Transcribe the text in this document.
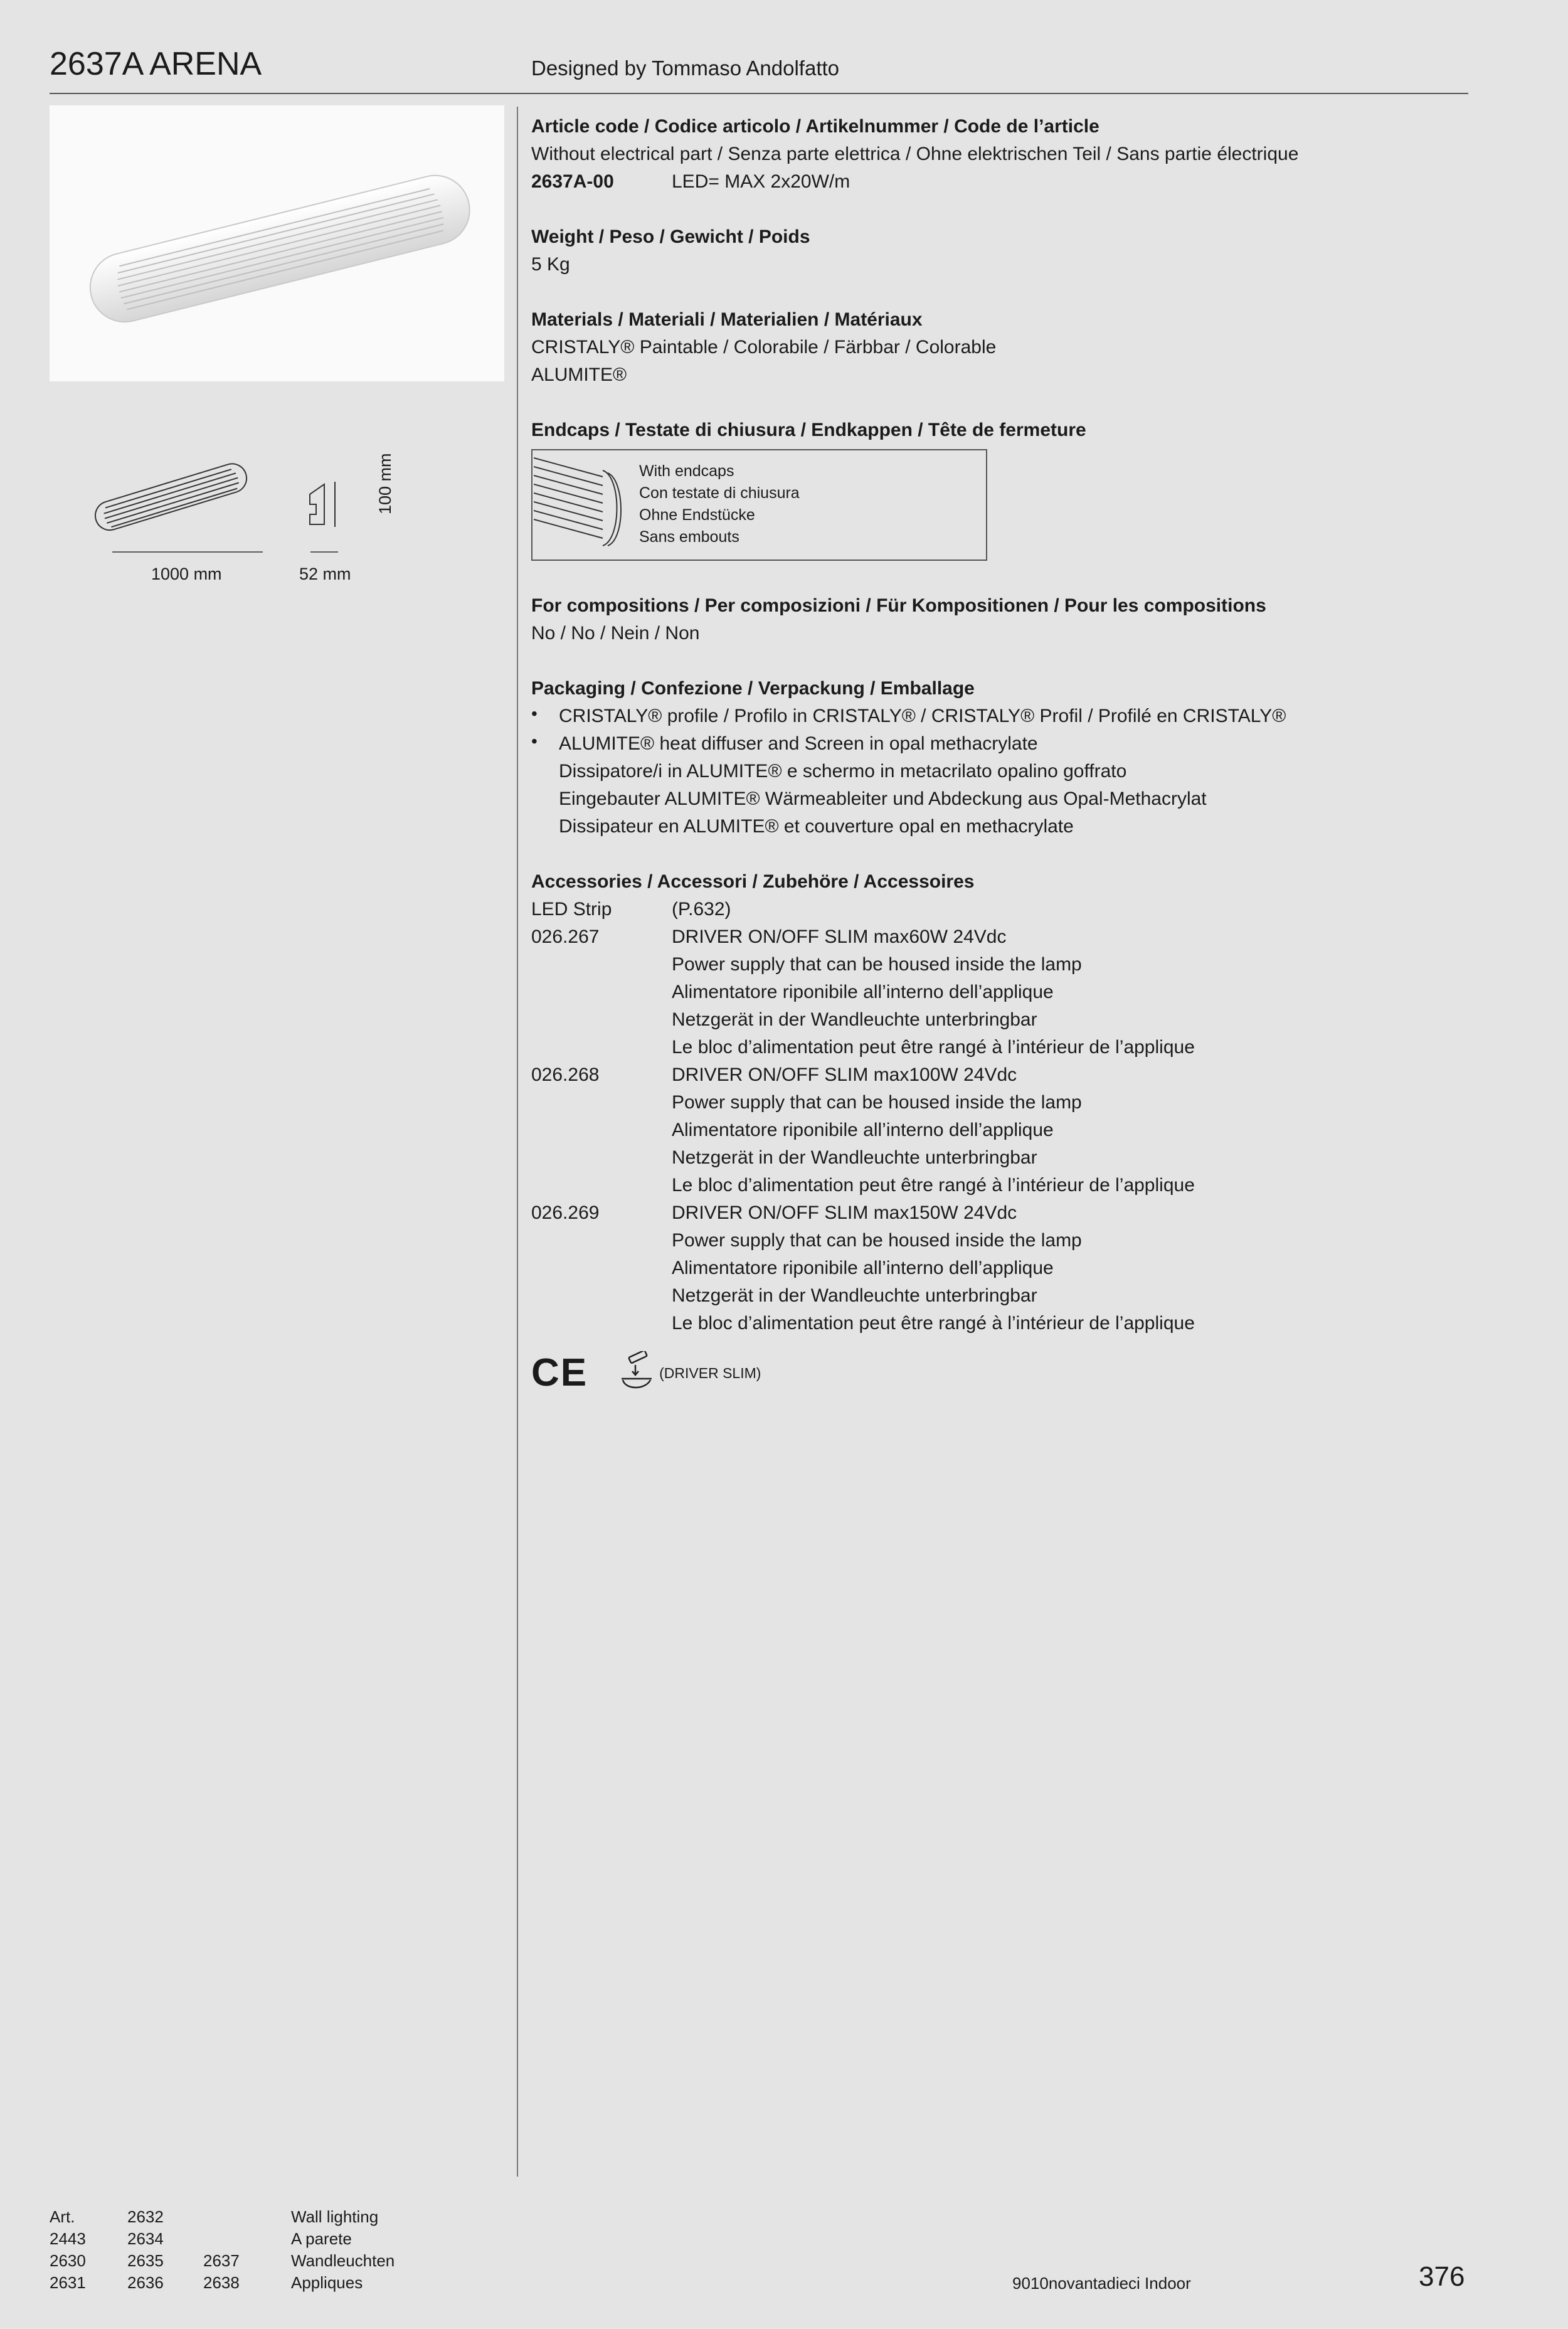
2637A ARENA	Designed by Tommaso Andolfatto
1000 mm	52 mm
100 mm
Article code / Codice articolo / Artikelnummer / Code de l’article
Without electrical part / Senza parte elettrica / Ohne elektrischen Teil / Sans partie électrique
2637A-00	LED= MAX 2x20W/m
Weight / Peso / Gewicht / Poids
5 Kg
Materials / Materiali / Materialien / Matériaux
CRISTALY® Paintable / Colorabile / Färbbar / Colorable
ALUMITE®
Endcaps / Testate di chiusura / Endkappen / Tête de fermeture
With endcaps
Con testate di chiusura
Ohne Endstücke
Sans embouts
For compositions / Per composizioni / Für Kompositionen / Pour les compositions
No / No / Nein / Non
Packaging / Confezione / Verpackung / Emballage
• CRISTALY® profile / Profilo in CRISTALY® / CRISTALY® Profil / Profilé en CRISTALY®
• ALUMITE® heat diffuser and Screen in opal methacrylate
Dissipatore/i in ALUMITE® e schermo in metacrilato opalino goffrato
Eingebauter ALUMITE® Wärmeableiter und Abdeckung aus Opal-Methacrylat
Dissipateur en ALUMITE® et couverture opal en methacrylate
Accessories / Accessori / Zubehöre / Accessoires
LED Strip	(P.632)
026.267	DRIVER ON/OFF SLIM max60W 24Vdc
Power supply that can be housed inside the lamp
Alimentatore riponibile all’interno dell’applique
Netzgerät in der Wandleuchte unterbringbar
Le bloc d’alimentation peut être rangé à l’intérieur de l’applique
026.268	DRIVER ON/OFF SLIM max100W 24Vdc
Power supply that can be housed inside the lamp
Alimentatore riponibile all’interno dell’applique
Netzgerät in der Wandleuchte unterbringbar
Le bloc d’alimentation peut être rangé à l’intérieur de l’applique
026.269	DRIVER ON/OFF SLIM max150W 24Vdc
Power supply that can be housed inside the lamp
Alimentatore riponibile all’interno dell’applique
Netzgerät in der Wandleuchte unterbringbar
Le bloc d’alimentation peut être rangé à l’intérieur de l’applique
CE	(DRIVER SLIM)
Art.	2632		Wall lighting
2443	2634		A parete
2630	2635	2637	Wandleuchten
2631	2636	2638	Appliques	9010novantadieci Indoor	376
